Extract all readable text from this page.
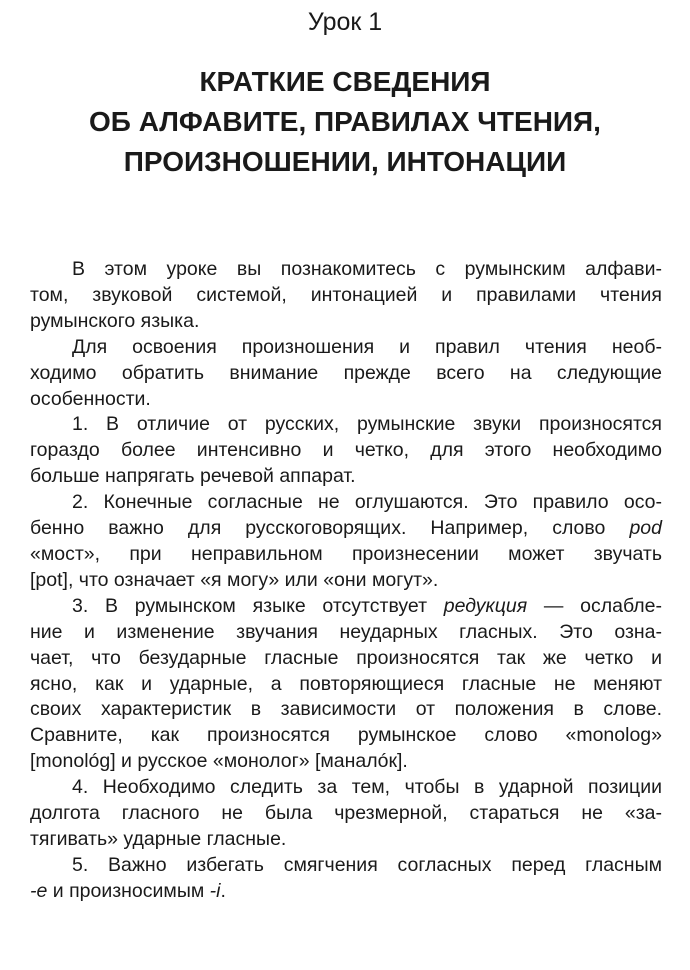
Урок 1
КРАТКИЕ СВЕДЕНИЯ
ОБ АЛФАВИТЕ, ПРАВИЛАХ ЧТЕНИЯ,
ПРОИЗНОШЕНИИ, ИНТОНАЦИИ
В этом уроке вы познакомитесь с румынским алфави-
том, звуковой системой, интонацией и правилами чтения
румынского языка.
Для освоения произношения и правил чтения необ-
ходимо обратить внимание прежде всего на следующие
особенности.
1. В отличие от русских, румынские звуки произносятся
гораздо более интенсивно и четко, для этого необходимо
больше напрягать речевой аппарат.
2. Конечные согласные не оглушаются. Это правило осо-
бенно важно для русскоговорящих. Например, слово pod
«мост», при неправильном произнесении может звучать
[pot], что означает «я могу» или «они могут».
3. В румынском языке отсутствует редукция — ослабле-
ние и изменение звучания неударных гласных. Это озна-
чает, что безударные гласные произносятся так же четко и
ясно, как и ударные, а повторяющиеся гласные не меняют
своих характеристик в зависимости от положения в слове.
Сравните, как произносятся румынское слово «monolog»
[monológ] и русское «монолог» [маналóк].
4. Необходимо следить за тем, чтобы в ударной позиции
долгота гласного не была чрезмерной, стараться не «за-
тягивать» ударные гласные.
5. Важно избегать смягчения согласных перед гласным
-е и произносимым -i.
